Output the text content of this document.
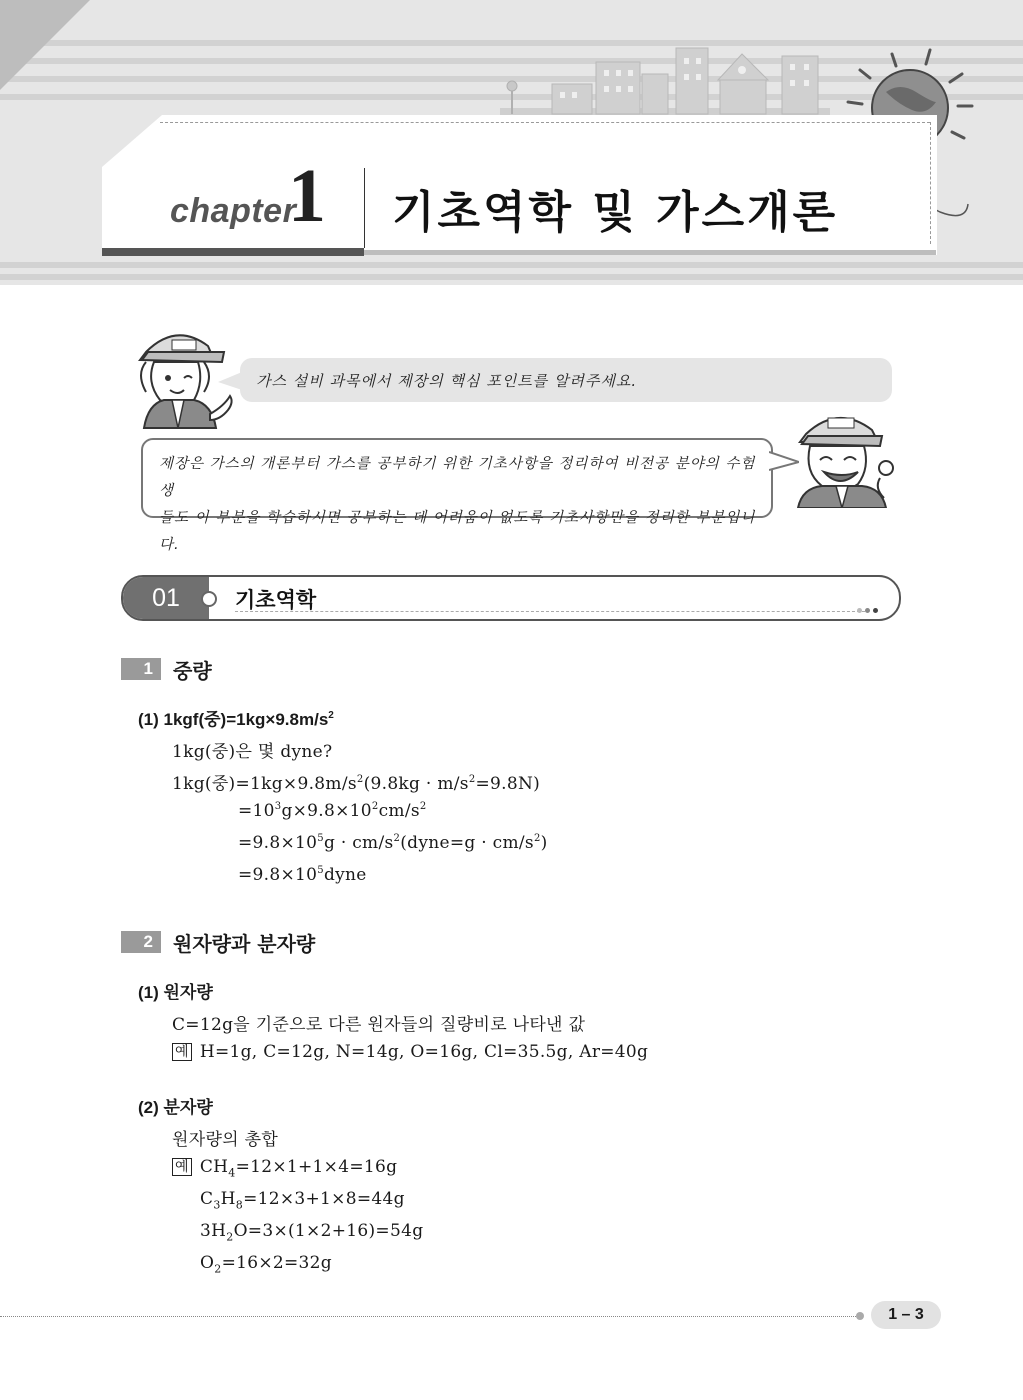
chapter
1 기초역학 및 가스개론
가스 설비 과목에서 제장의 핵심 포인트를 알려주세요.
제장은 가스의 개론부터 가스를 공부하기 위한 기초사항을 정리하여 비전공 분야의 수험생
들도 이 부분을 학습하시면 공부하는 데 어려움이 없도록 기초사항만을 정리한 부분입니다.
01	기초역학
1	중량
(1) 1kgf(중)$=1kg\times 9.8m/s^2$
1kg(중)은 몇 dyne?
1kg(중)$=1kg\times 9.8m/s^2(9.8kg \cdot m/s^2=9.8N)$
$=10^3g\times 9.8\times 10^2cm/s^2$
$=9.8\times 10^5g$ · $cm/s^2(dyne=g \cdot cm/s^2)$
$=9.8\times 10^5dyne$
2	원자량과 분자량
(1) 원자량
C=12g을 기준으로 다른 원자들의 질량비로 나타낸 값
예 H=1g, C=12g, N=14g, O=16g, Cl=35.5g, Ar=40g
(2) 분자량
원자량의 총합
예 $CH_4=12\times 1+1\times 4=16g$
$C_3H_8=12\times 3+1\times 8=44g$
$3H_2O=3\times(1\times 2+16)=54g$
$O_2=16\times 2=32g$
1 – 3
